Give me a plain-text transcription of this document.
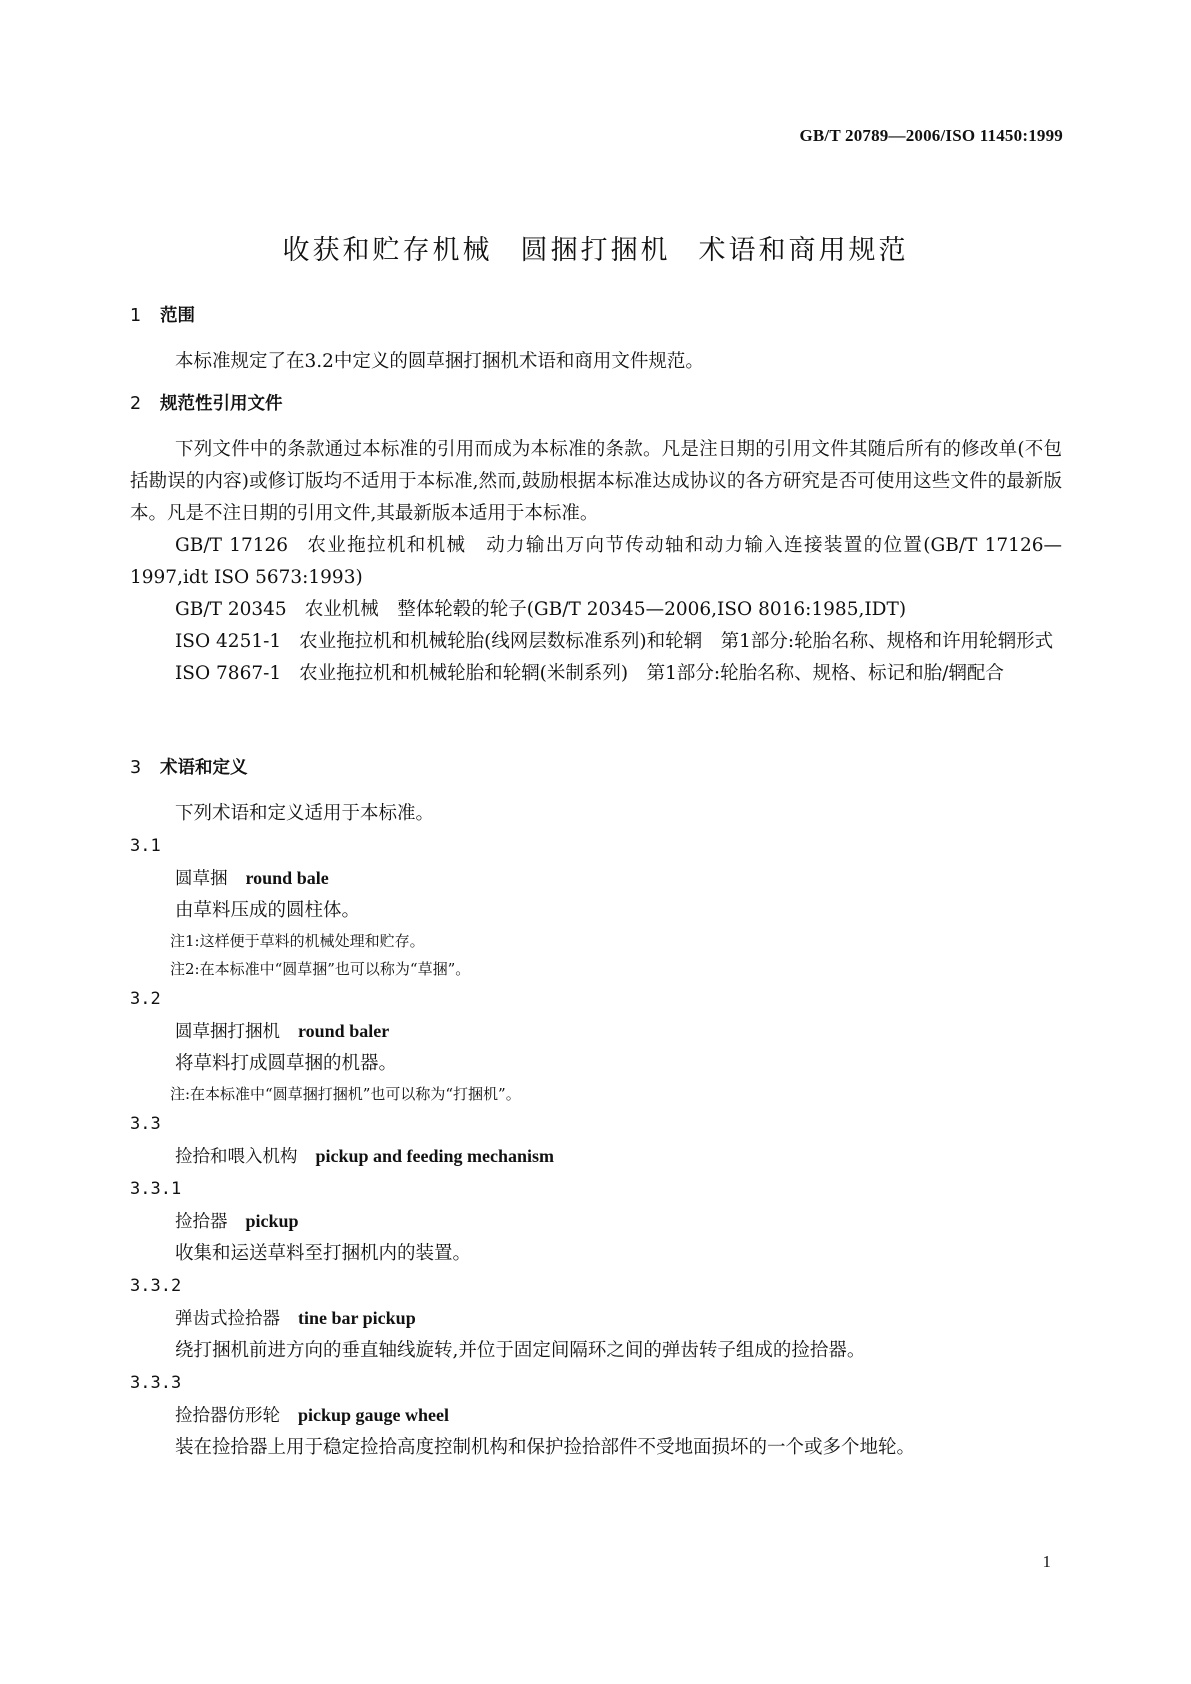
GB/T 20789—2006/ISO 11450:1999
收获和贮存机械 圆捆打捆机 术语和商用规范
1 范围
本标准规定了在3.2中定义的圆草捆打捆机术语和商用文件规范。
2 规范性引用文件
下列文件中的条款通过本标准的引用而成为本标准的条款。凡是注日期的引用文件其随后所有的修改单(不包括勘误的内容)或修订版均不适用于本标准,然而,鼓励根据本标准达成协议的各方研究是否可使用这些文件的最新版本。凡是不注日期的引用文件,其最新版本适用于本标准。
GB/T 17126 农业拖拉机和机械　动力输出万向节传动轴和动力输入连接装置的位置(GB/T 17126—1997,idt ISO 5673:1993)
GB/T 20345 农业机械　整体轮毂的轮子(GB/T 20345—2006,ISO 8016:1985,IDT)
ISO 4251-1 农业拖拉机和机械轮胎(线网层数标准系列)和轮辋　第1部分:轮胎名称、规格和许用轮辋形式
ISO 7867-1 农业拖拉机和机械轮胎和轮辋(米制系列)　第1部分:轮胎名称、规格、标记和胎/辋配合
3 术语和定义
下列术语和定义适用于本标准。
3.1
圆草捆 round bale
由草料压成的圆柱体。
注1:这样便于草料的机械处理和贮存。
注2:在本标准中“圆草捆”也可以称为“草捆”。
3.2
圆草捆打捆机 round baler
将草料打成圆草捆的机器。
注:在本标准中“圆草捆打捆机”也可以称为“打捆机”。
3.3
捡拾和喂入机构 pickup and feeding mechanism
3.3.1
捡拾器 pickup
收集和运送草料至打捆机内的装置。
3.3.2
弹齿式捡拾器 tine bar pickup
绕打捆机前进方向的垂直轴线旋转,并位于固定间隔环之间的弹齿转子组成的捡拾器。
3.3.3
捡拾器仿形轮 pickup gauge wheel
装在捡拾器上用于稳定捡拾高度控制机构和保护捡拾部件不受地面损坏的一个或多个地轮。
1
